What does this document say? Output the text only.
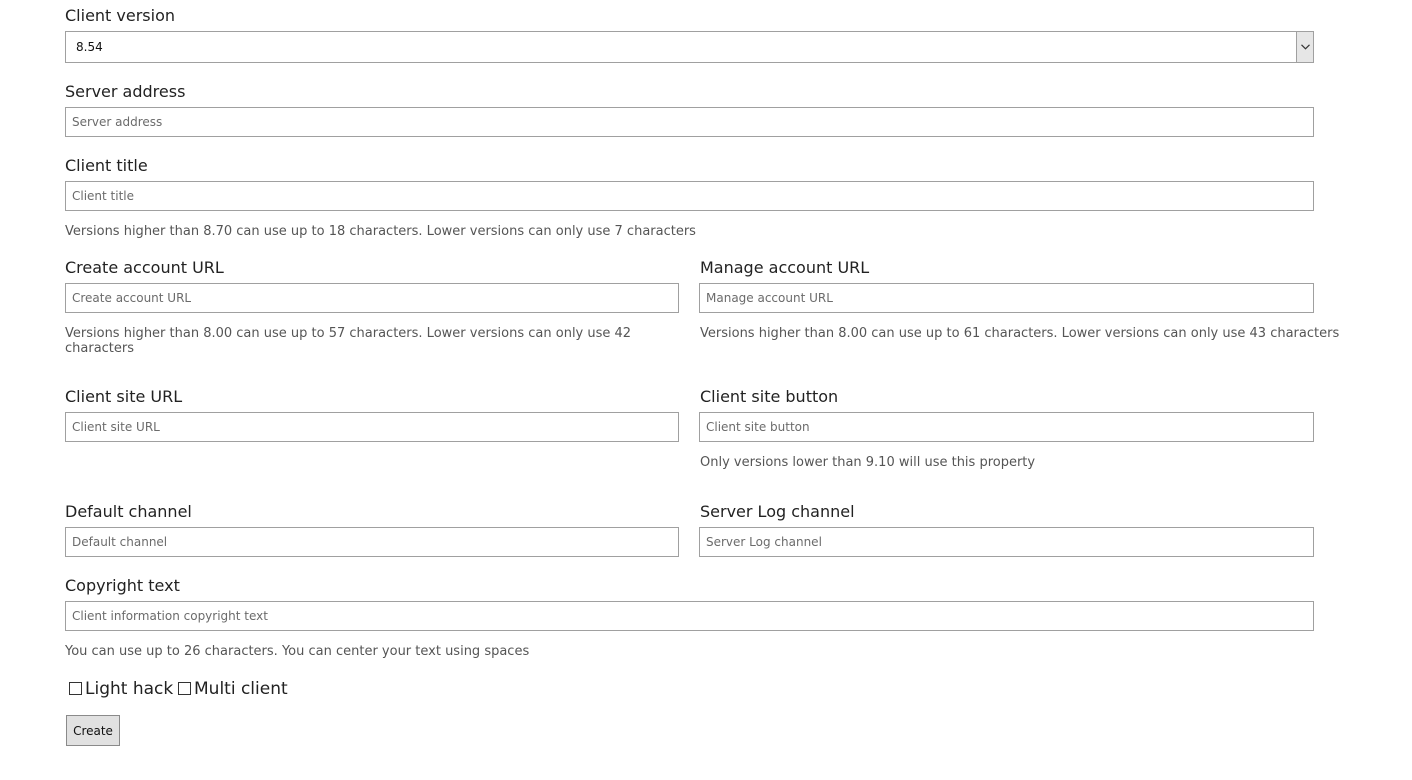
Client version
8.54
Server address
Server address
Client title
Client title
Versions higher than 8.70 can use up to 18 characters. Lower versions can only use 7 characters
Create account URL
Create account URL
Versions higher than 8.00 can use up to 57 characters. Lower versions can only use 42 characters
Manage account URL
Manage account URL
Versions higher than 8.00 can use up to 61 characters. Lower versions can only use 43 characters
Client site URL
Client site URL	Client site button
Client site button
Only versions lower than 9.10 will use this property
Default channel
Default channel	Server Log channel
Server Log channel
Copyright text
Client information copyright text
You can use up to 26 characters. You can center your text using spaces
Light hack Multi client
Create
